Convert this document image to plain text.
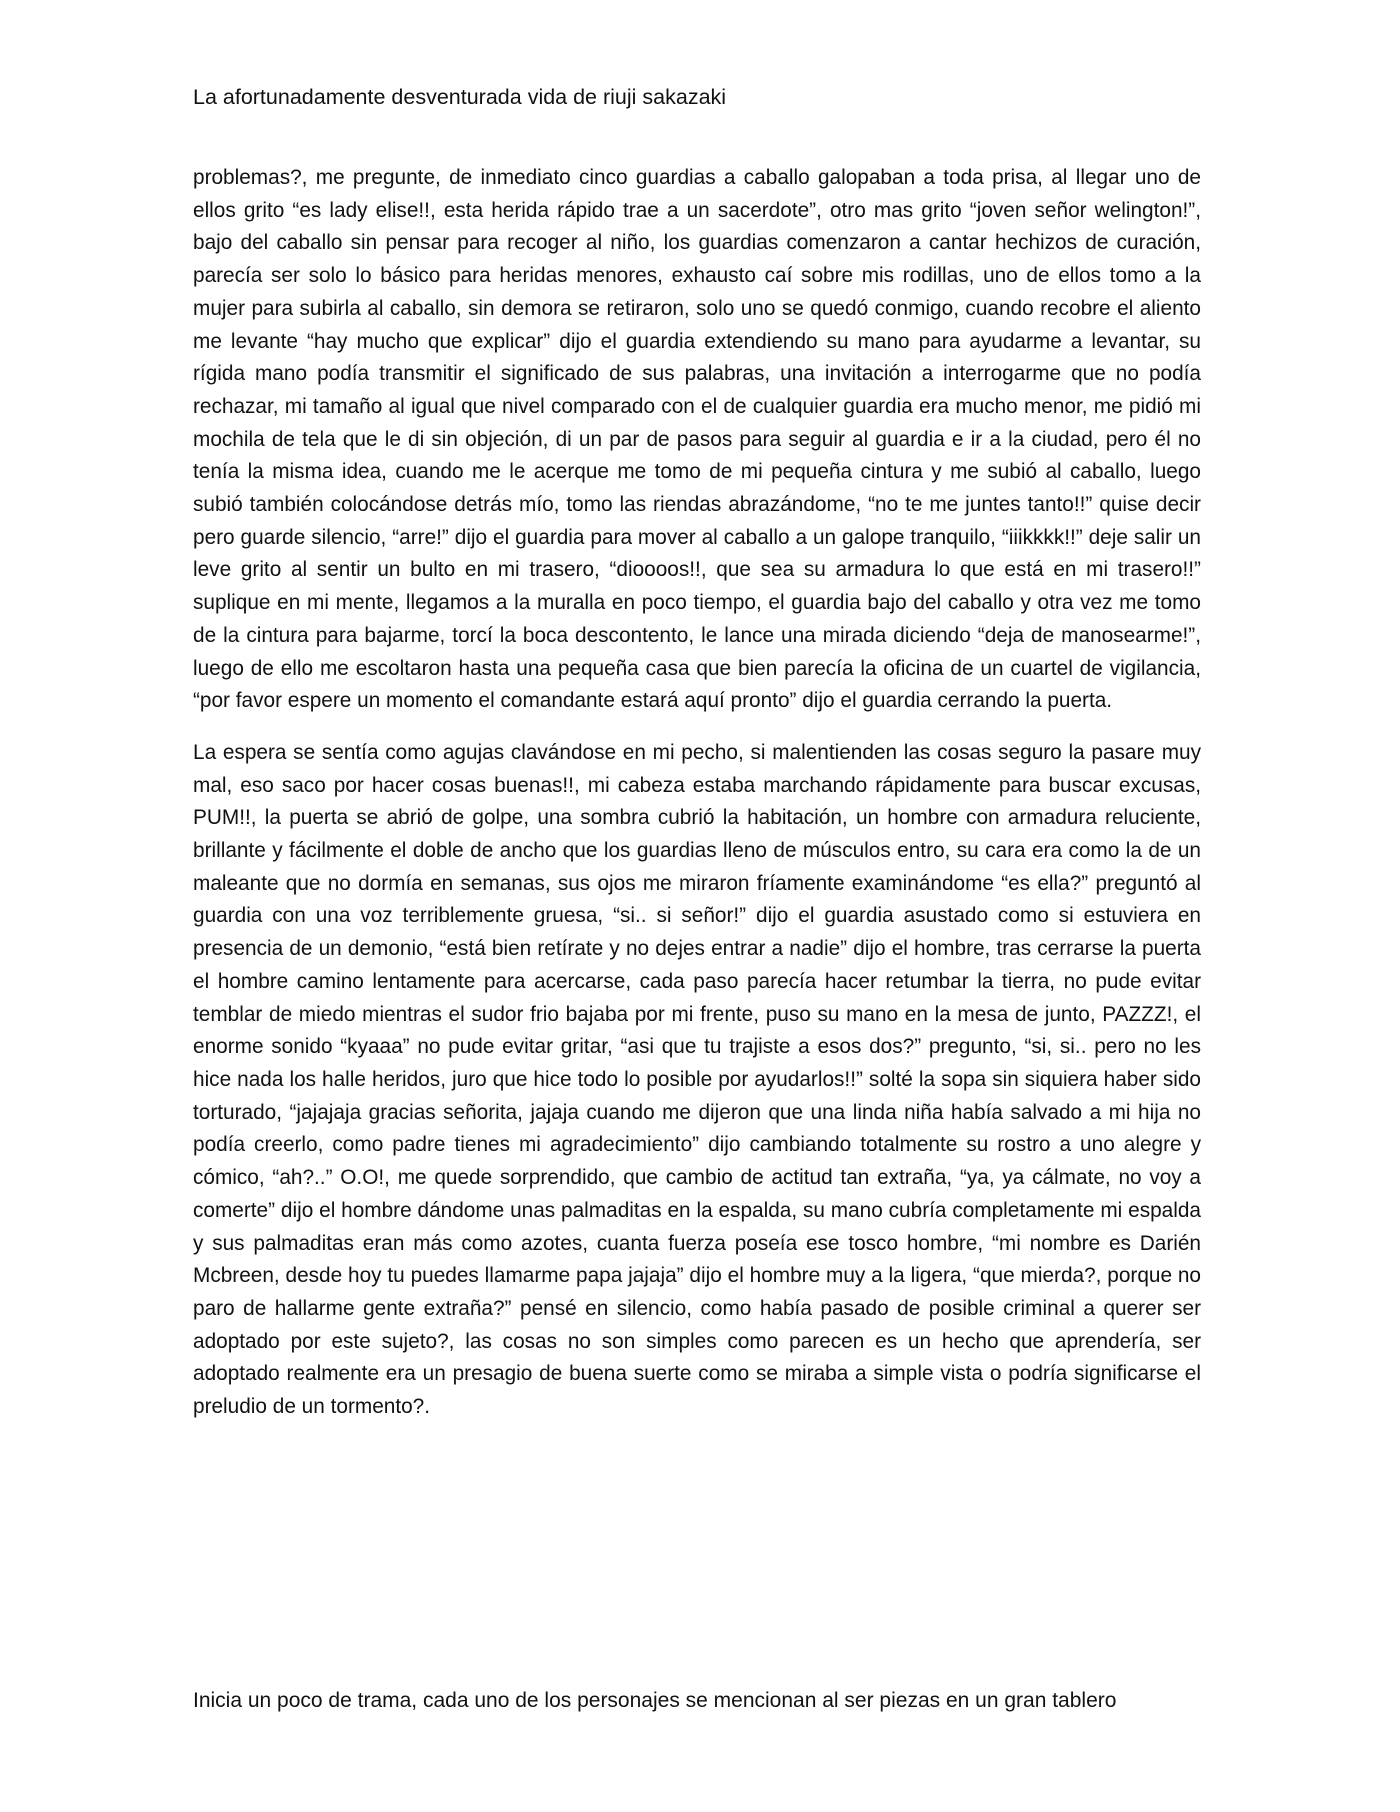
La afortunadamente desventurada vida de riuji sakazaki

problemas?, me pregunte, de inmediato cinco guardias a caballo galopaban a toda prisa, al llegar uno de ellos grito “es lady elise!!, esta herida rápido trae a un sacerdote”, otro mas grito “joven señor welington!”, bajo del caballo sin pensar para recoger al niño, los guardias comenzaron a cantar hechizos de curación, parecía ser solo lo básico para heridas menores, exhausto caí sobre mis rodillas, uno de ellos tomo a la mujer para subirla al caballo, sin demora se retiraron, solo uno se quedó conmigo, cuando recobre el aliento me levante “hay mucho que explicar” dijo el guardia extendiendo su mano para ayudarme a levantar, su rígida mano podía transmitir el significado de sus palabras, una invitación a interrogarme que no podía rechazar, mi tamaño al igual que nivel comparado con el de cualquier guardia era mucho menor, me pidió mi mochila de tela que le di sin objeción, di un par de pasos para seguir al guardia e ir a la ciudad, pero él no tenía la misma idea, cuando me le acerque me tomo de mi pequeña cintura y me subió al caballo, luego subió también colocándose detrás mío, tomo las riendas abrazándome, “no te me juntes tanto!!” quise decir pero guarde silencio, “arre!” dijo el guardia para mover al caballo a un galope tranquilo, “iiikkkk!!” deje salir un leve grito al sentir un bulto en mi trasero, “dioooos!!, que sea su armadura lo que está en mi trasero!!” suplique en mi mente, llegamos a la muralla en poco tiempo, el guardia bajo del caballo y otra vez me tomo de la cintura para bajarme, torcí la boca descontento, le lance una mirada diciendo “deja de manosearme!”, luego de ello me escoltaron hasta una pequeña casa que bien parecía la oficina de un cuartel de vigilancia, “por favor espere un momento el comandante estará aquí pronto” dijo el guardia cerrando la puerta.

La espera se sentía como agujas clavándose en mi pecho, si malentienden las cosas seguro la pasare muy mal, eso saco por hacer cosas buenas!!, mi cabeza estaba marchando rápidamente para buscar excusas, PUM!!, la puerta se abrió de golpe, una sombra cubrió la habitación, un hombre con armadura reluciente, brillante y fácilmente el doble de ancho que los guardias lleno de músculos entro, su cara era como la de un maleante que no dormía en semanas, sus ojos me miraron fríamente examinándome “es ella?” preguntó al guardia con una voz terriblemente gruesa, “si.. si señor!” dijo el guardia asustado como si estuviera en presencia de un demonio, “está bien retírate y no dejes entrar a nadie” dijo el hombre, tras cerrarse la puerta el hombre camino lentamente para acercarse, cada paso parecía hacer retumbar la tierra, no pude evitar temblar de miedo mientras el sudor frio bajaba por mi frente, puso su mano en la mesa de junto, PAZZZ!, el enorme sonido “kyaaa” no pude evitar gritar, “asi que tu trajiste a esos dos?” pregunto, “si, si.. pero no les hice nada los halle heridos, juro que hice todo lo posible por ayudarlos!!” solté la sopa sin siquiera haber sido torturado, “jajajaja gracias señorita, jajaja cuando me dijeron que una linda niña había salvado a mi hija no podía creerlo, como padre tienes mi agradecimiento” dijo cambiando totalmente su rostro a uno alegre y cómico, “ah?..” O.O!, me quede sorprendido, que cambio de actitud tan extraña, “ya, ya cálmate, no voy a comerte” dijo el hombre dándome unas palmaditas en la espalda, su mano cubría completamente mi espalda y sus palmaditas eran más como azotes, cuanta fuerza poseía ese tosco hombre, “mi nombre es Darién Mcbreen, desde hoy tu puedes llamarme papa jajaja” dijo el hombre muy a la ligera, “que mierda?, porque no paro de hallarme gente extraña?” pensé en silencio, como había pasado de posible criminal a querer ser adoptado por este sujeto?, las cosas no son simples como parecen es un hecho que aprendería, ser adoptado realmente era un presagio de buena suerte como se miraba a simple vista o podría significarse el preludio de un tormento?.

Inicia un poco de trama, cada uno de los personajes se mencionan al ser piezas en un gran tablero
